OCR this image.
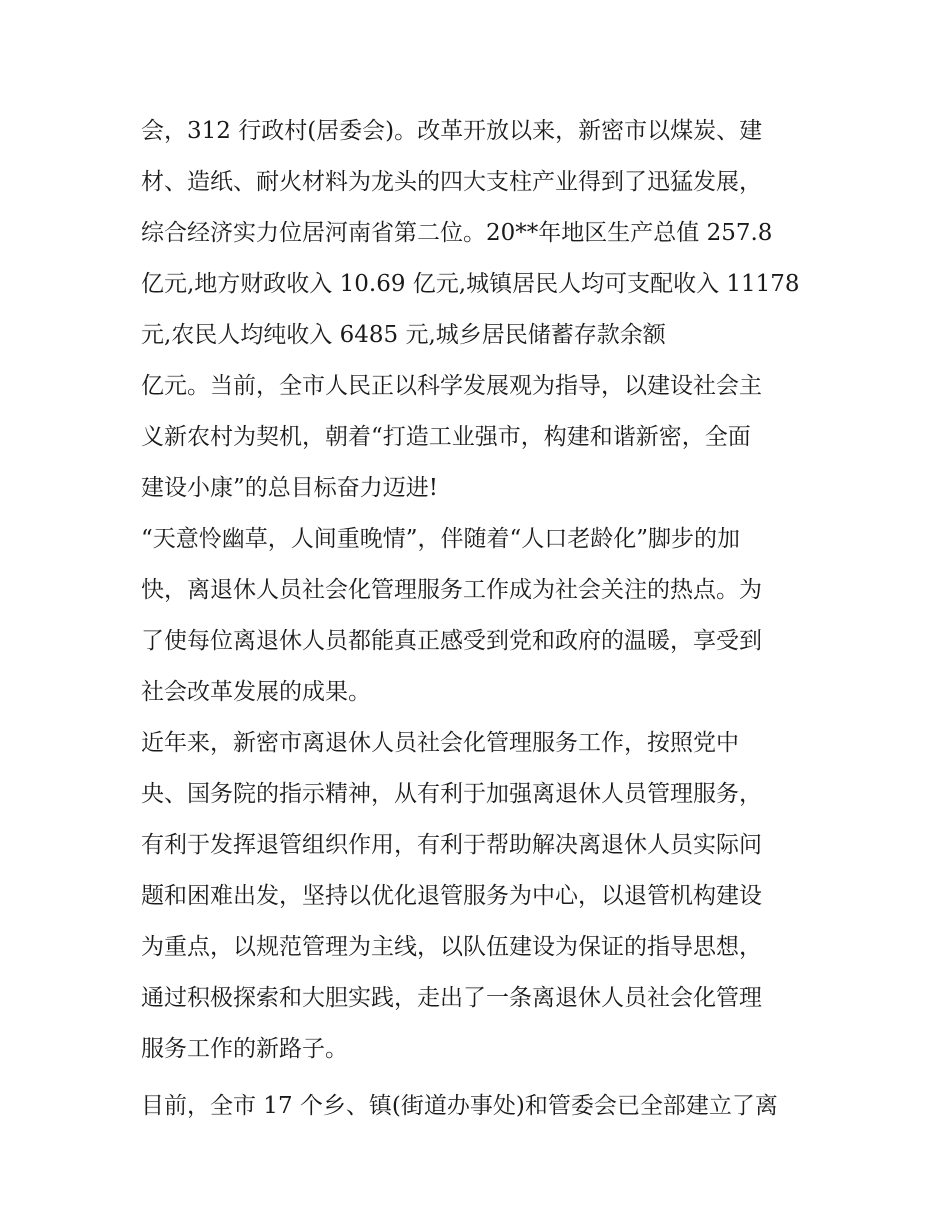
会，312 行政村(居委会)。改革开放以来，新密市以煤炭、建
材、造纸、耐火材料为龙头的四大支柱产业得到了迅猛发展，
综合经济实力位居河南省第二位。20**年地区生产总值 257.8
亿元,地方财政收入 10.69 亿元,城镇居民人均可支配收入 11178
元,农民人均纯收入 6485 元,城乡居民储蓄存款余额
亿元。当前，全市人民正以科学发展观为指导，以建设社会主
义新农村为契机，朝着“打造工业强市，构建和谐新密，全面
建设小康”的总目标奋力迈进!
“天意怜幽草，人间重晚情”，伴随着“人口老龄化”脚步的加
快，离退休人员社会化管理服务工作成为社会关注的热点。为
了使每位离退休人员都能真正感受到党和政府的温暖，享受到
社会改革发展的成果。
近年来，新密市离退休人员社会化管理服务工作，按照党中
央、国务院的指示精神，从有利于加强离退休人员管理服务，
有利于发挥退管组织作用，有利于帮助解决离退休人员实际问
题和困难出发，坚持以优化退管服务为中心，以退管机构建设
为重点，以规范管理为主线，以队伍建设为保证的指导思想，
通过积极探索和大胆实践，走出了一条离退休人员社会化管理
服务工作的新路子。
目前，全市 17 个乡、镇(街道办事处)和管委会已全部建立了离
